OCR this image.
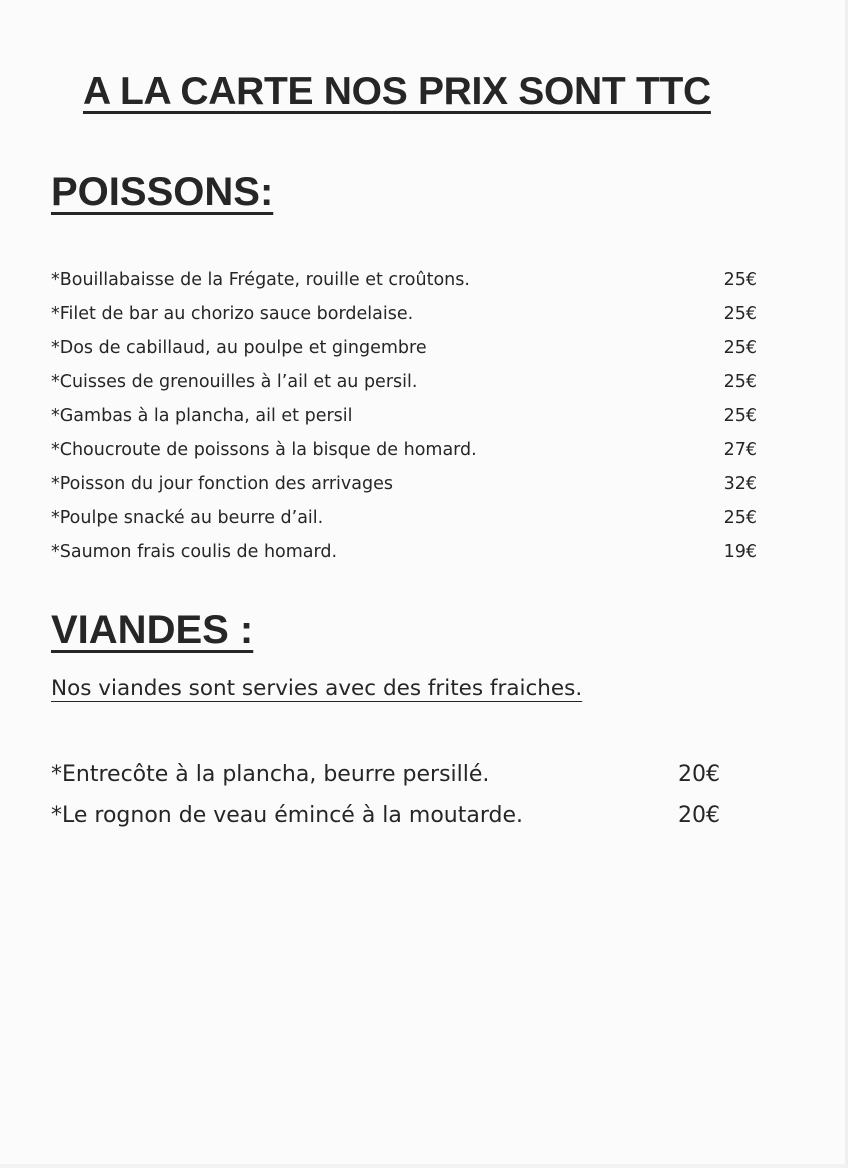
A LA CARTE NOS PRIX SONT TTC
POISSONS:
*Bouillabaisse de la Frégate, rouille et croûtons.	25€
*Filet de bar au chorizo sauce bordelaise.	25€
*Dos de cabillaud, au poulpe et gingembre	25€
*Cuisses de grenouilles à l’ail et au persil.	25€
*Gambas à la plancha, ail et persil	25€
*Choucroute de poissons à la bisque de homard.	27€
*Poisson du jour fonction des arrivages	32€
*Poulpe snacké au beurre d’ail.	25€
*Saumon frais coulis de homard.	19€
VIANDES :

Nos viandes sont servies avec des frites fraiches.

*Entrecôte à la plancha, beurre persillé.	20€
*Le rognon de veau émincé à la moutarde.	20€
